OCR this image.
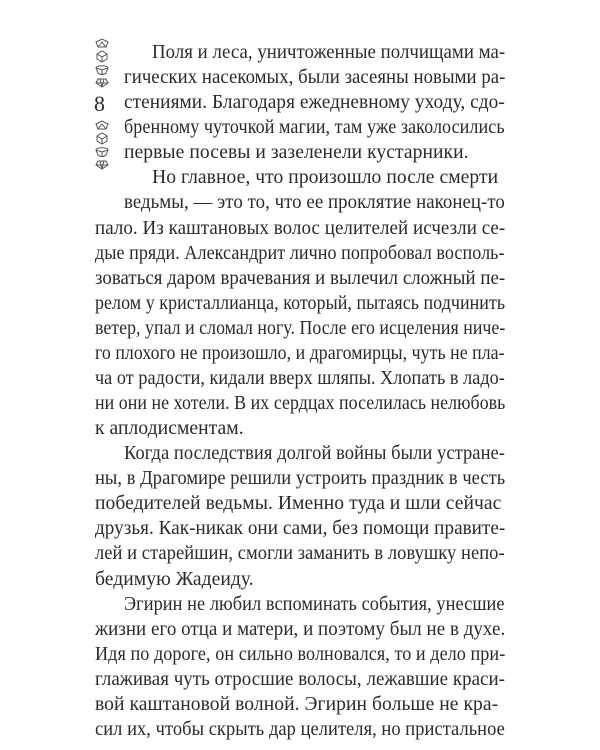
8
Поля и леса, уничтоженные полчищами ма-
гических насекомых, были засеяны новыми ра-
стениями. Благодаря ежедневному уходу, сдо-
бренному чуточкой магии, там уже заколосились
первые посевы и зазеленели кустарники.
Но главное, что произошло после смерти
ведьмы, — это то, что ее проклятие наконец-то
пало. Из каштановых волос целителей исчезли се-
дые пряди. Александрит лично попробовал восполь-
зоваться даром врачевания и вылечил сложный пе-
релом у кристаллианца, который, пытаясь подчинить
ветер, упал и сломал ногу. После его исцеления ниче-
го плохого не произошло, и драгомирцы, чуть не пла-
ча от радости, кидали вверх шляпы. Хлопать в ладо-
ни они не хотели. В их сердцах поселилась нелюбовь
к аплодисментам.
Когда последствия долгой войны были устране-
ны, в Драгомире решили устроить праздник в честь
победителей ведьмы. Именно туда и шли сейчас
друзья. Как-никак они сами, без помощи правите-
лей и старейшин, смогли заманить в ловушку непо-
бедимую Жадеиду.
Эгирин не любил вспоминать события, унесшие
жизни его отца и матери, и поэтому был не в духе.
Идя по дороге, он сильно волновался, то и дело при-
глаживая чуть отросшие волосы, лежавшие краси-
вой каштановой волной. Эгирин больше не кра-
сил их, чтобы скрыть дар целителя, но пристальное
